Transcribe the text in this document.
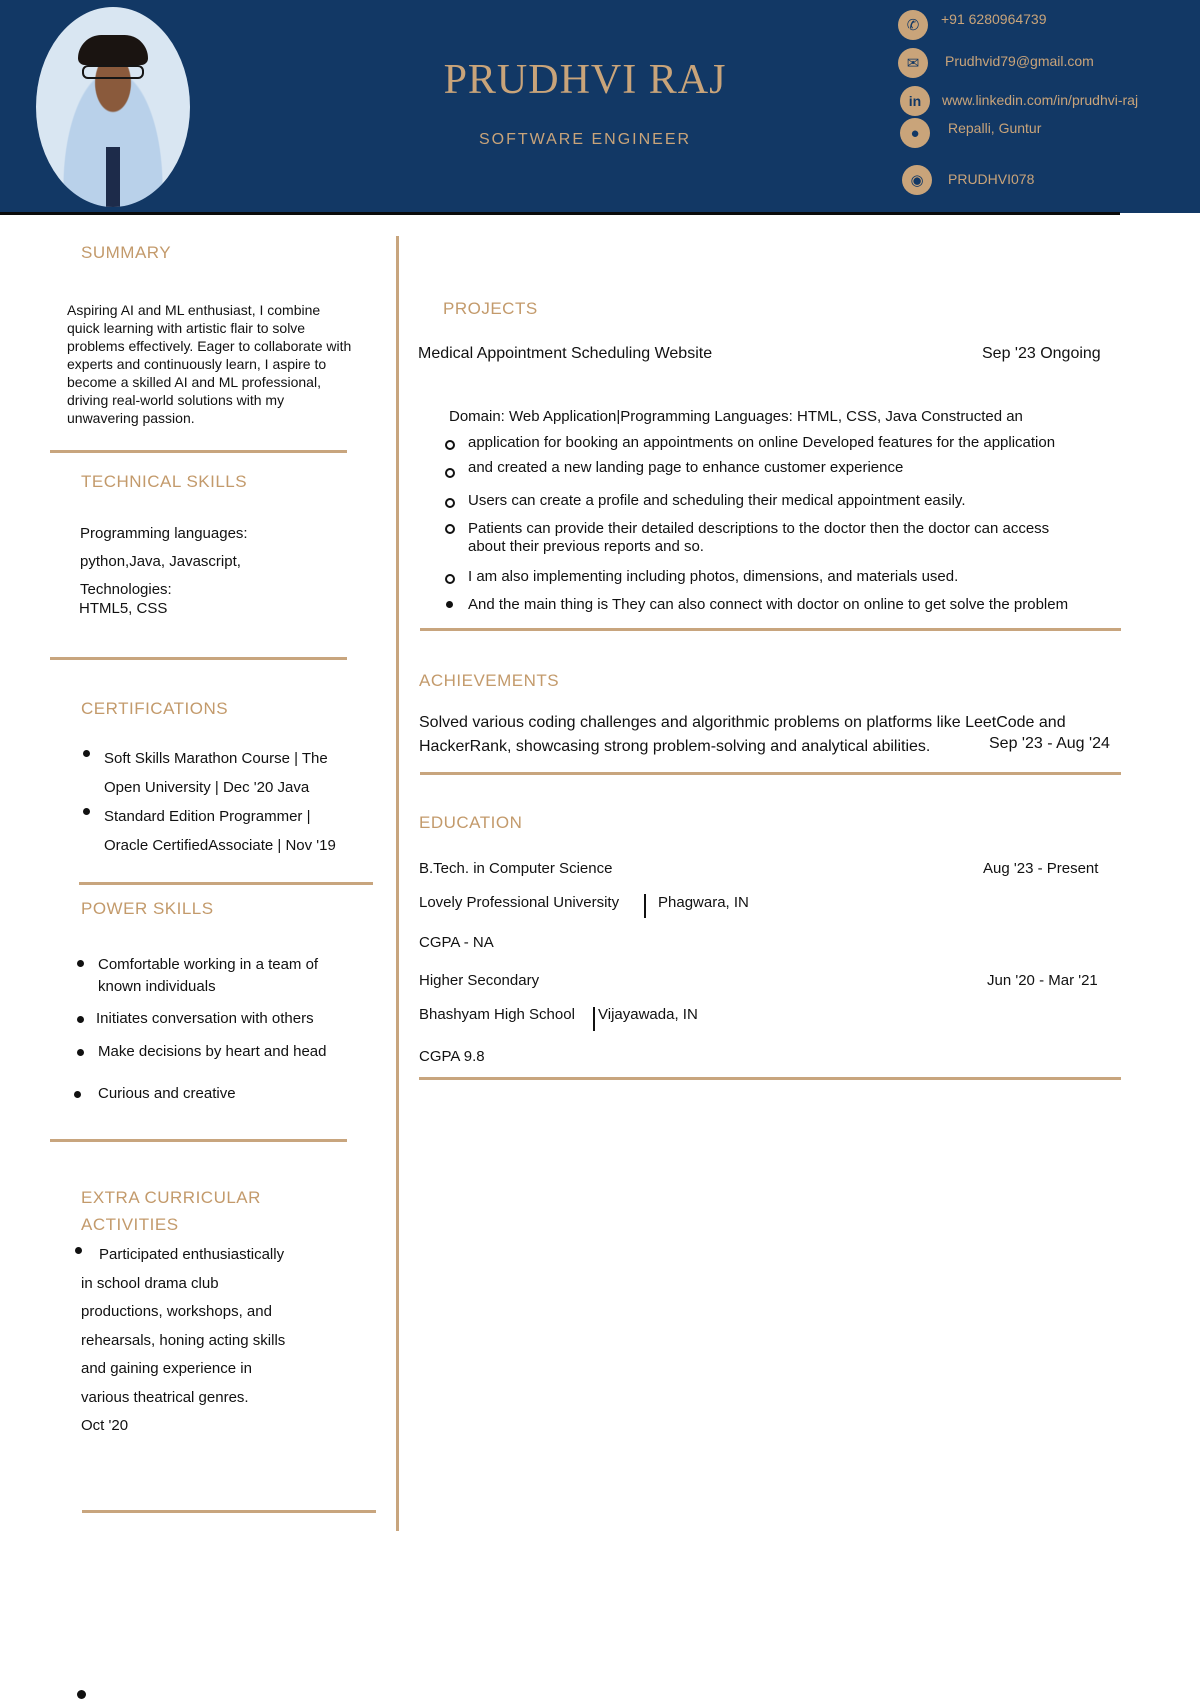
PRUDHVI RAJ
SOFTWARE ENGINEER
✆	+91 6280964739
✉	Prudhvid79@gmail.com
in	www.linkedin.com/in/prudhvi-raj
●	Repalli, Guntur
◉	PRUDHVI078
SUMMARY
Aspiring AI and ML enthusiast, I combine
quick learning with artistic flair to solve
problems effectively. Eager to collaborate with
experts and continuously learn, I aspire to
become a skilled AI and ML professional,
driving real-world solutions with my
unwavering passion.
TECHNICAL SKILLS
Programming languages:
python,Java, Javascript,
Technologies:
HTML5, CSS
CERTIFICATIONS
Soft Skills Marathon Course | The
Open University | Dec '20 Java
Standard Edition Programmer |
Oracle CertifiedAssociate | Nov '19
POWER SKILLS
Comfortable working in a team of
known individuals
Initiates conversation with others
Make decisions by heart and head
Curious and creative
EXTRA CURRICULAR
ACTIVITIES
Participated enthusiastically
in school drama club
productions, workshops, and
rehearsals, honing acting skills
and gaining experience in
various theatrical genres.
Oct '20
PROJECTS
Medical Appointment Scheduling Website	Sep '23 Ongoing
Domain: Web Application|Programming Languages: HTML, CSS, Java Constructed an
application for booking an appointments on online Developed features for the application
and created a new landing page to enhance customer experience
Users can create a profile and scheduling their medical appointment easily.
Patients can provide their detailed descriptions to the doctor then the doctor can access
about their previous reports and so.
I am also implementing including photos, dimensions, and materials used.
And the main thing is They can also connect with doctor on online to get solve the problem
ACHIEVEMENTS
Solved various coding challenges and algorithmic problems on platforms like LeetCode and
HackerRank, showcasing strong problem-solving and analytical abilities.	Sep '23 - Aug '24
EDUCATION
B.Tech. in Computer Science	Aug '23 - Present
Lovely Professional University	Phagwara, IN
CGPA - NA
Higher Secondary	Jun '20 - Mar '21
Bhashyam High School Vijayawada, IN
CGPA 9.8
